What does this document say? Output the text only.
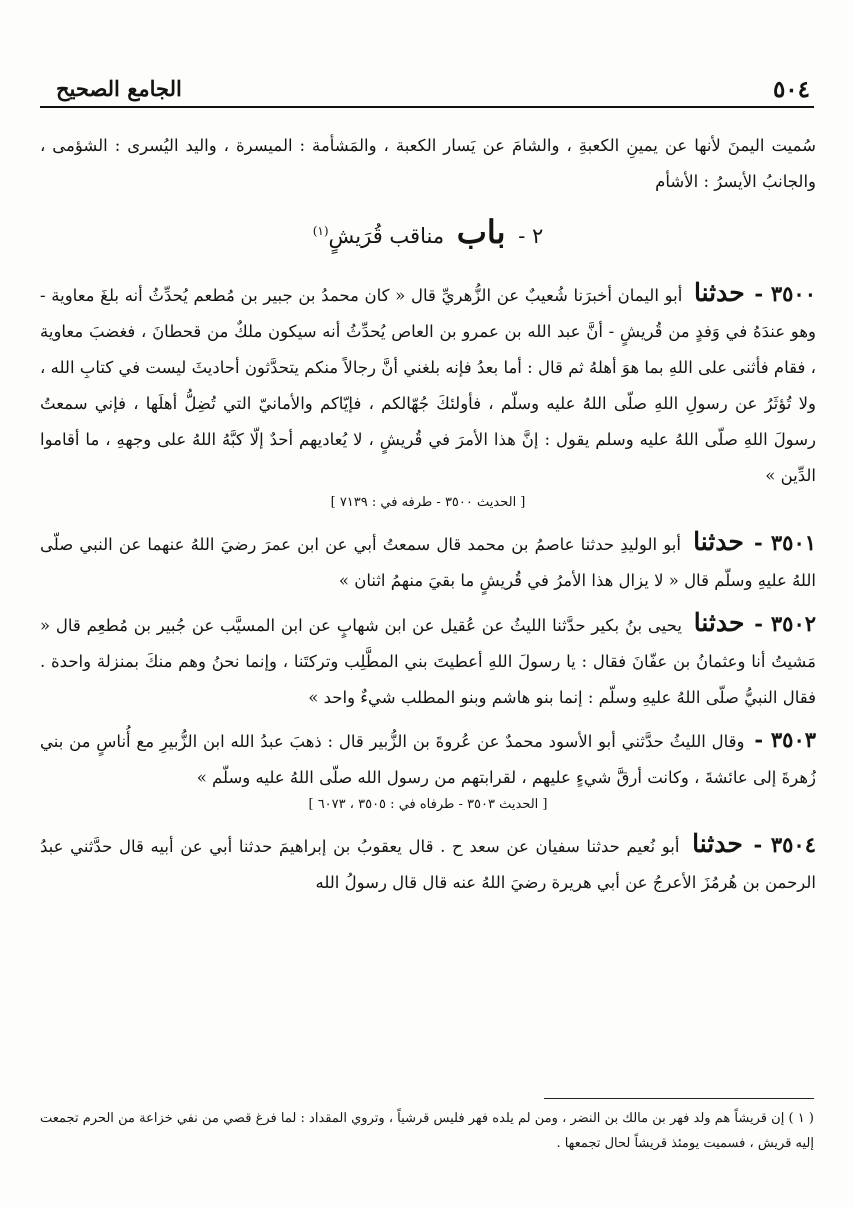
٥٠٤
الجامع الصحيح

سُميت اليمنَ لأنها عن يمينِ الكعبةِ ، والشامَ عن يَسار الكعبة ، والمَشأمة : الميسرة ، واليد اليُسرى : الشؤمى ، والجانبُ الأيسرُ : الأشأم

٢ - باب مناقب قُرَيشٍ$^{(١)}$

٣٥٠٠ - حدثنا أبو اليمان أخبرَنا شُعيبٌ عن الزُّهريِّ قال « كان محمدُ بن جبير بن مُطعم يُحدِّثُ أنه بلغَ معاوية - وهو عندَهُ في وَفدٍ من قُريشٍ - أنَّ عبد الله بن عمرو بن العاص يُحدِّثُ أنه سيكون ملكٌ من قحطانَ ، فغضبَ معاوية ، فقام فأثنى على اللهِ بما هوَ أهلهُ ثم قال : أما بعدُ فإنه بلغني أنَّ رجالاً منكم يتحدَّثون أحاديثَ ليست في كتابِ الله ، ولا تُؤثَرُ عن رسولِ اللهِ صلّى اللهُ عليه وسلّم ، فأولئكَ جُهّالكم ، فإيّاكم والأمانيّ التي تُضِلُّ أهلَها ، فإني سمعتُ رسولَ اللهِ صلّى اللهُ عليه وسلم يقول : إنَّ هذا الأمرَ في قُريشٍ ، لا يُعاديهم أحدٌ إلّا كبَّهُ اللهُ على وجههِ ، ما أقاموا الدِّين »

[ الحديث ٣٥٠٠ - طرفه في : ٧١٣٩ ]

٣٥٠١ - حدثنا أبو الوليدِ حدثنا عاصمُ بن محمد قال سمعتُ أبي عن ابن عمرَ رضيَ اللهُ عنهما عن النبي صلّى اللهُ عليهِ وسلّم قال « لا يزال هذا الأمرُ في قُريشٍ ما بقيَ منهمُ اثنان »

٣٥٠٢ - حدثنا يحيى بنُ بكير حدَّثنا الليثُ عن عُقيل عن ابن شهابٍ عن ابن المسيَّب عن جُبير بن مُطعِم قال « مَشيتُ أنا وعثمانُ بن عفّانَ فقال : يا رسولَ اللهِ أعطيتَ بني المطَّلِب وتركتَنا ، وإنما نحنُ وهم منكَ بمنزلة واحدة . فقال النبيُّ صلّى اللهُ عليهِ وسلّم : إنما بنو هاشم وبنو المطلب شيءٌ واحد »

٣٥٠٣ - وقال الليثُ حدَّثني أبو الأسود محمدٌ عن عُروةَ بن الزُّبير قال : ذهبَ عبدُ الله ابن الزُّبيرِ مع أُناسٍ من بني زُهرةَ إلى عائشةَ ، وكانت أرقَّ شيءٍ عليهم ، لقرابتهم من رسول الله صلّى اللهُ عليه وسلّم »

[ الحديث ٣٥٠٣ - طرفاه في : ٣٥٠٥ ، ٦٠٧٣ ]

٣٥٠٤ - حدثنا أبو نُعيم حدثنا سفيان عن سعد ح . قال يعقوبُ بن إبراهيمَ حدثنا أبي عن أبيه قال حدَّثني عبدُ الرحمن بن هُرمُزَ الأعرجُ عن أبي هريرة رضيَ اللهُ عنه قال قال رسولُ الله

( ١ ) إن قريشاً هم ولد فهر بن مالك بن النضر ، ومن لم يلده فهر فليس قرشياً ، وتروي المقداد : لما فرغ قصي من نفي خزاعة من الحرم تجمعت إليه قريش ، فسميت يومئذ قريشاً لحال تجمعها .
